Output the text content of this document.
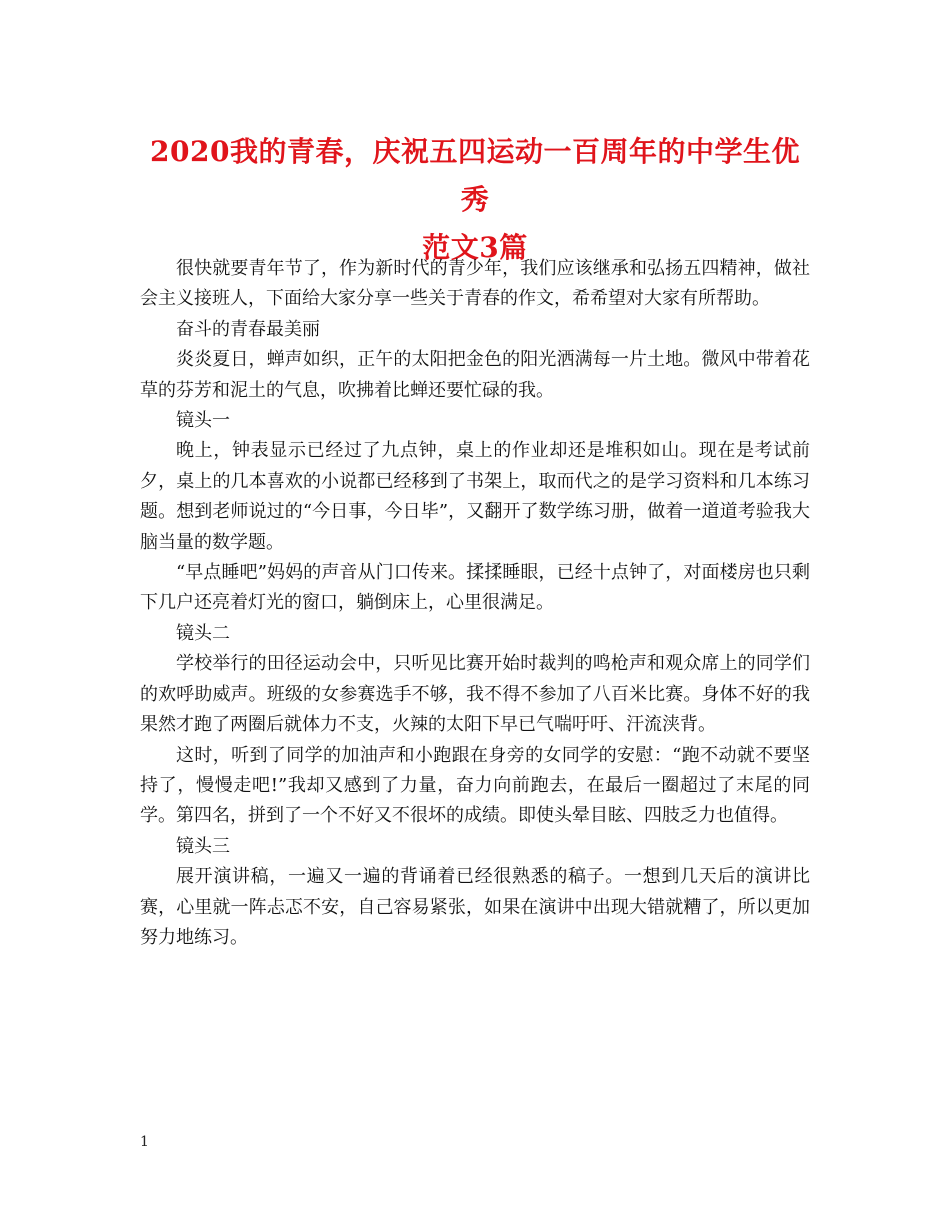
2020我的青春，庆祝五四运动一百周年的中学生优秀
范文3篇

很快就要青年节了，作为新时代的青少年，我们应该继承和弘扬五四精神，做社会主义接班人，下面给大家分享一些关于青春的作文，希希望对大家有所帮助。

奋斗的青春最美丽

炎炎夏日，蝉声如织，正午的太阳把金色的阳光洒满每一片土地。微风中带着花草的芬芳和泥土的气息，吹拂着比蝉还要忙碌的我。

镜头一

晚上，钟表显示已经过了九点钟，桌上的作业却还是堆积如山。现在是考试前夕，桌上的几本喜欢的小说都已经移到了书架上，取而代之的是学习资料和几本练习题。想到老师说过的“今日事，今日毕”，又翻开了数学练习册，做着一道道考验我大脑当量的数学题。

“早点睡吧”妈妈的声音从门口传来。揉揉睡眼，已经十点钟了，对面楼房也只剩下几户还亮着灯光的窗口，躺倒床上，心里很满足。

镜头二

学校举行的田径运动会中，只听见比赛开始时裁判的鸣枪声和观众席上的同学们的欢呼助威声。班级的女参赛选手不够，我不得不参加了八百米比赛。身体不好的我果然才跑了两圈后就体力不支，火辣的太阳下早已气喘吁吁、汗流浃背。

这时，听到了同学的加油声和小跑跟在身旁的女同学的安慰：“跑不动就不要坚持了，慢慢走吧!”我却又感到了力量，奋力向前跑去，在最后一圈超过了末尾的同学。第四名，拼到了一个不好又不很坏的成绩。即使头晕目眩、四肢乏力也值得。

镜头三

展开演讲稿，一遍又一遍的背诵着已经很熟悉的稿子。一想到几天后的演讲比赛，心里就一阵忐忑不安，自己容易紧张，如果在演讲中出现大错就糟了，所以更加努力地练习。

1
